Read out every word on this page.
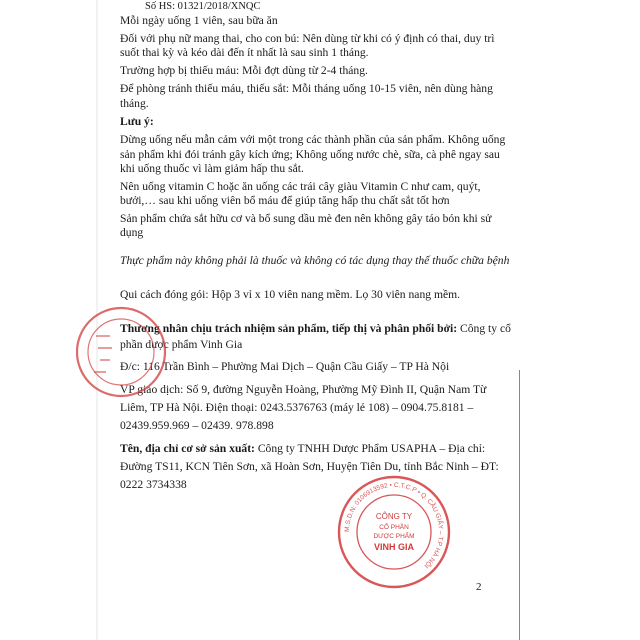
Số HS: 01321/2018/XNQC
Mỗi ngày uống 1 viên, sau bữa ăn
Đối với phụ nữ mang thai, cho con bú: Nên dùng từ khi có ý định có thai, duy trì
suốt thai kỳ và kéo dài đến ít nhất là sau sinh 1 tháng.
Trường hợp bị thiếu máu: Mỗi đợt dùng từ 2-4 tháng.
Để phòng tránh thiếu máu, thiếu sắt: Mỗi tháng uống 10-15 viên, nên dùng hàng
tháng.
Lưu ý:
Dừng uống nếu mẫn cảm với một trong các thành phần của sản phẩm. Không uống
sản phẩm khi đói tránh gây kích ứng; Không uống nước chè, sữa, cà phê ngay sau
khi uống thuốc vì làm giảm hấp thu sắt.
Nên uống vitamin C hoặc ăn uống các trái cây giàu Vitamin C như cam, quýt,
bưởi,… sau khi uống viên bổ máu để giúp tăng hấp thu chất sắt tốt hơn
Sản phẩm chứa sắt hữu cơ và bổ sung dầu mè đen nên không gây táo bón khi sử
dụng
Thực phẩm này không phải là thuốc và không có tác dụng thay thế thuốc chữa bệnh
Qui cách đóng gói: Hộp 3 vỉ x 10 viên nang mềm. Lọ 30 viên nang mềm.
Thương nhân chịu trách nhiệm sản phẩm, tiếp thị và phân phối bởi: Công ty cổ
phần dược phẩm Vinh Gia
Đ/c: 116 Trần Bình – Phường Mai Dịch – Quận Cầu Giấy – TP Hà Nội
VP giao dịch: Số 9, đường Nguyễn Hoàng, Phường Mỹ Đình II, Quận Nam Từ
Liêm, TP Hà Nội. Điện thoại: 0243.5376763 (máy lẻ 108) – 0904.75.8181 –
02439.959.969 – 02439. 978.898
Tên, địa chỉ cơ sở sản xuất: Công ty TNHH Dược Phẩm USAPHA – Địa chỉ:
Đường TS11, KCN Tiên Sơn, xã Hoàn Sơn, Huyện Tiên Du, tỉnh Bắc Ninh – ĐT:
0222 3734338
M.S.D.N: 0106913592 • C.T.C.P • Q. CẦU GIẤY – T.P HÀ NỘI
CÔNG TY
CỔ PHẦN
DƯỢC PHẨM
VINH GIA
2
